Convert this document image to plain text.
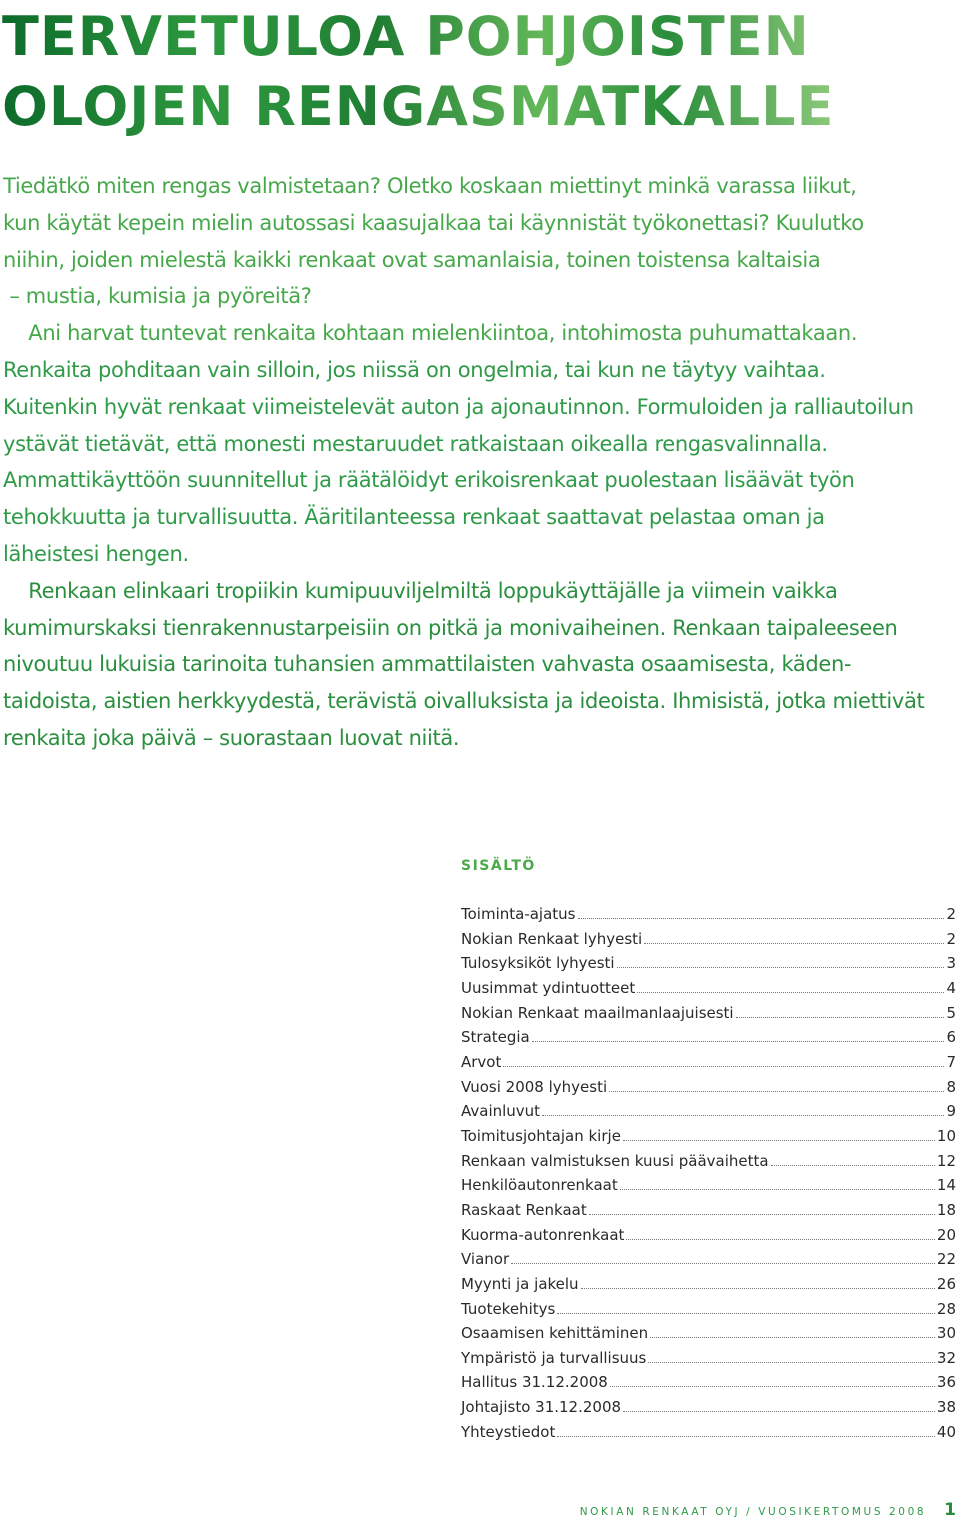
TERVETULOA POHJOISTEN
OLOJEN RENGASMATKALLE
Tiedätkö miten rengas valmistetaan? Oletko koskaan miettinyt minkä varassa liikut,
kun käytät kepein mielin autossasi kaasujalkaa tai käynnistät työkonettasi? Kuulutko
niihin, joiden mielestä kaikki renkaat ovat samanlaisia, toinen toistensa kaltaisia
– mustia, kumisia ja pyöreitä?
Ani harvat tuntevat renkaita kohtaan mielenkiintoa, intohimosta puhumattakaan.
Renkaita pohditaan vain silloin, jos niissä on ongelmia, tai kun ne täytyy vaihtaa.
Kuitenkin hyvät renkaat viimeistelevät auton ja ajonautinnon. Formuloiden ja ralliautoilun
ystävät tietävät, että monesti mestaruudet ratkaistaan oikealla rengasvalinnalla.
Ammattikäyttöön suunnitellut ja räätälöidyt erikoisrenkaat puolestaan lisäävät työn
tehokkuutta ja turvallisuutta. Ääritilanteessa renkaat saattavat pelastaa oman ja
läheistesi hengen.
Renkaan elinkaari tropiikin kumipuuviljelmiltä loppukäyttäjälle ja viimein vaikka
kumimurskaksi tienrakennustarpeisiin on pitkä ja monivaiheinen. Renkaan taipaleeseen
nivoutuu lukuisia tarinoita tuhansien ammattilaisten vahvasta osaamisesta, käden-
taidoista, aistien herkkyydestä, terävistä oivalluksista ja ideoista. Ihmisistä, jotka miettivät
renkaita joka päivä – suorastaan luovat niitä.
SISÄLTÖ
Toiminta-ajatus	2
Nokian Renkaat lyhyesti	2
Tulosyksiköt lyhyesti	3
Uusimmat ydintuotteet	4
Nokian Renkaat maailmanlaajuisesti	5
Strategia	6
Arvot	7
Vuosi 2008 lyhyesti	8
Avainluvut	9
Toimitusjohtajan kirje	10
Renkaan valmistuksen kuusi päävaihetta	12
Henkilöautonrenkaat	14
Raskaat Renkaat	18
Kuorma-autonrenkaat	20
Vianor	22
Myynti ja jakelu	26
Tuotekehitys	28
Osaamisen kehittäminen	30
Ympäristö ja turvallisuus	32
Hallitus 31.12.2008	36
Johtajisto 31.12.2008	38
Yhteystiedot	40
NOKIAN RENKAAT OYJ / VUOSIKERTOMUS 2008 1
